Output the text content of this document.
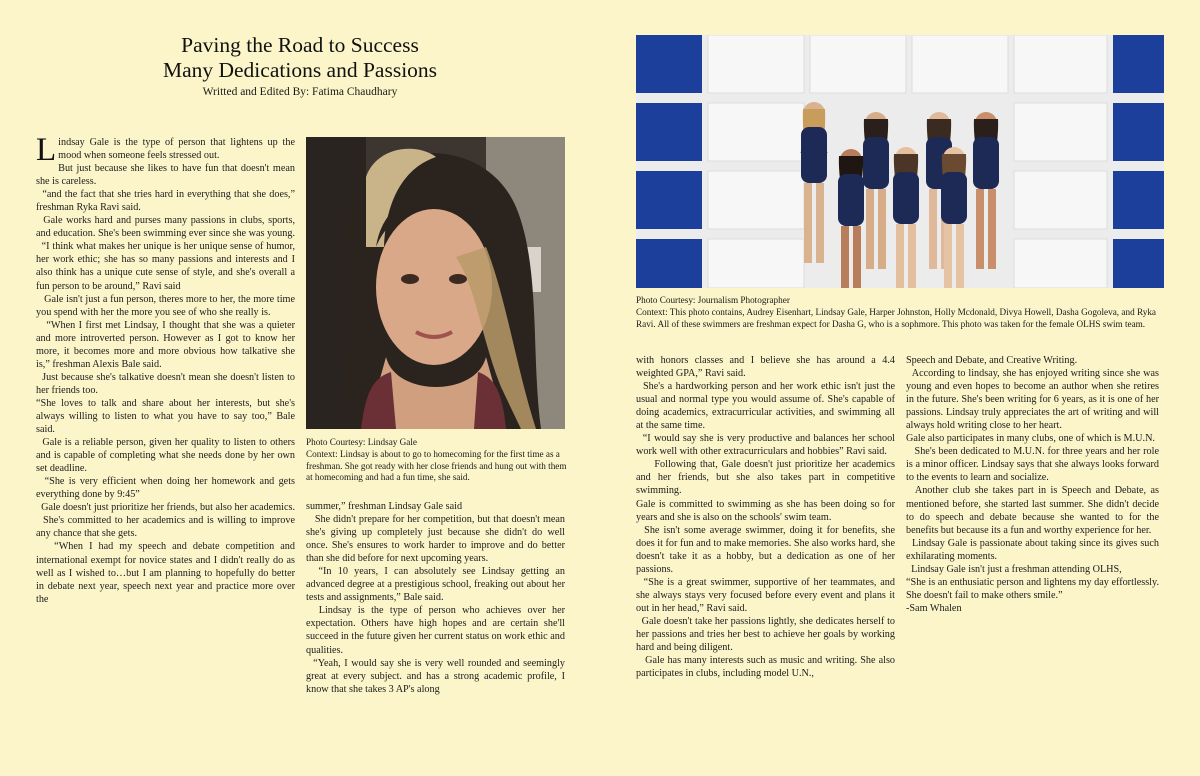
Paving the Road to Success
Many Dedications and Passions
Writted and Edited By: Fatima Chaudhary
L indsay Gale is the type of person that lightens up the mood when someone feels stressed out.

But just because she likes to have fun that doesn't mean she is careless.

“and the fact that she tries hard in everything that she does,” freshman Ryka Ravi said.

Gale works hard and purses many passions in clubs, sports, and education. She's been swimming ever since she was young.

“I think what makes her unique is her unique sense of humor, her work ethic; she has so many passions and interests and I also think has a unique cute sense of style, and she's overall a fun person to be around,” Ravi said

Gale isn't just a fun person, theres more to her, the more time you spend with her the more you see of who she really is.

“When I first met Lindsay, I thought that she was a quieter and more introverted person. However as I got to know her more, it becomes more and more obvious how talkative she is,” freshman Alexis Bale said.

Just because she's talkative doesn't mean she doesn't listen to her friends too.

“She loves to talk and share about her interests, but she's always willing to listen to what you have to say too,” Bale said.

Gale is a reliable person, given her quality to listen to others and is capable of completing what she needs done by her own set deadline.

“She is very efficient when doing her homework and gets everything done by 9:45”

Gale doesn't just prioritize her friends, but also her academics.

She's committed to her academics and is willing to improve any chance that she gets.

“When I had my speech and debate competition and international exempt for novice states and I didn't really do as well as I wished to…but I am planning to hopefully do better in debate next year, speech next year and practice more over the

Photo Courtesy: Lindsay Gale
Context: Lindsay is about to go to homecoming for the first time as a freshman. She got ready with her close friends and hung out with them at homecoming and had a fun time, she said.

summer,” freshman Lindsay Gale said

She didn't prepare for her competition, but that doesn't mean she's giving up completely just because she didn't do well once. She's ensures to work harder to improve and do better than she did before for next upcoming years.

“In 10 years, I can absolutely see Lindsay getting an advanced degree at a prestigious school, freaking out about her tests and assignments,” Bale said.

Lindsay is the type of person who achieves over her expectation. Others have high hopes and are certain she'll succeed in the future given her current status on work ethic and qualities.

“Yeah, I would say she is very well rounded and seemingly great at every subject. and has a strong academic profile, I know that she takes 3 AP's along

Photo Courtesy: Journalism Photographer
Context: This photo contains, Audrey Eisenhart, Lindsay Gale, Harper Johnston, Holly Mcdonald, Divya Howell, Dasha Gogoleva, and Ryka Ravi. All of these swimmers are freshman expect for Dasha G, who is a sophmore. This photo was taken for the female OLHS swim team.

with honors classes and I believe she has around a 4.4 weighted GPA,” Ravi said.

She's a hardworking person and her work ethic isn't just the usual and normal type you would assume of. She's capable of doing academics, extracurricular activities, and swimming all at the same time.

“I would say she is very productive and balances her school work well with other extracurriculars and hobbies” Ravi said.

Following that, Gale doesn't just prioritize her academics and her friends, but she also takes part in competitive swimming.

Gale is committed to swimming as she has been doing so for years and she is also on the schools' swim team.

She isn't some average swimmer, doing it for benefits, she does it for fun and to make memories. She also works hard, she doesn't take it as a hobby, but a dedication as one of her passions.

“She is a great swimmer, supportive of her teammates, and she always stays very focused before every event and plans it out in her head,” Ravi said.

Gale doesn't take her passions lightly, she dedicates herself to her passions and tries her best to achieve her goals by working hard and being diligent.

Gale has many interests such as music and writing. She also participates in clubs, including model U.N.,

Speech and Debate, and Creative Writing.

According to lindsay, she has enjoyed writing since she was young and even hopes to become an author when she retires in the future. She's been writing for 6 years, as it is one of her passions. Lindsay truly appreciates the art of writing and will always hold writing close to her heart.

Gale also participates in many clubs, one of which is M.U.N.

She's been dedicated to M.U.N. for three years and her role is a minor officer. Lindsay says that she always looks forward to the events to learn and socialize.

Another club she takes part in is Speech and Debate, as mentioned before, she started last summer. She didn't decide to do speech and debate because she wanted to for the benefits but because its a fun and worthy experience for her.

Lindsay Gale is passionate about taking since its gives such exhilarating moments.

Lindsay Gale isn't just a freshman attending OLHS,

“She is an enthusiatic person and lightens my day effortlessly. She doesn't fail to make others smile.”

-Sam Whalen
